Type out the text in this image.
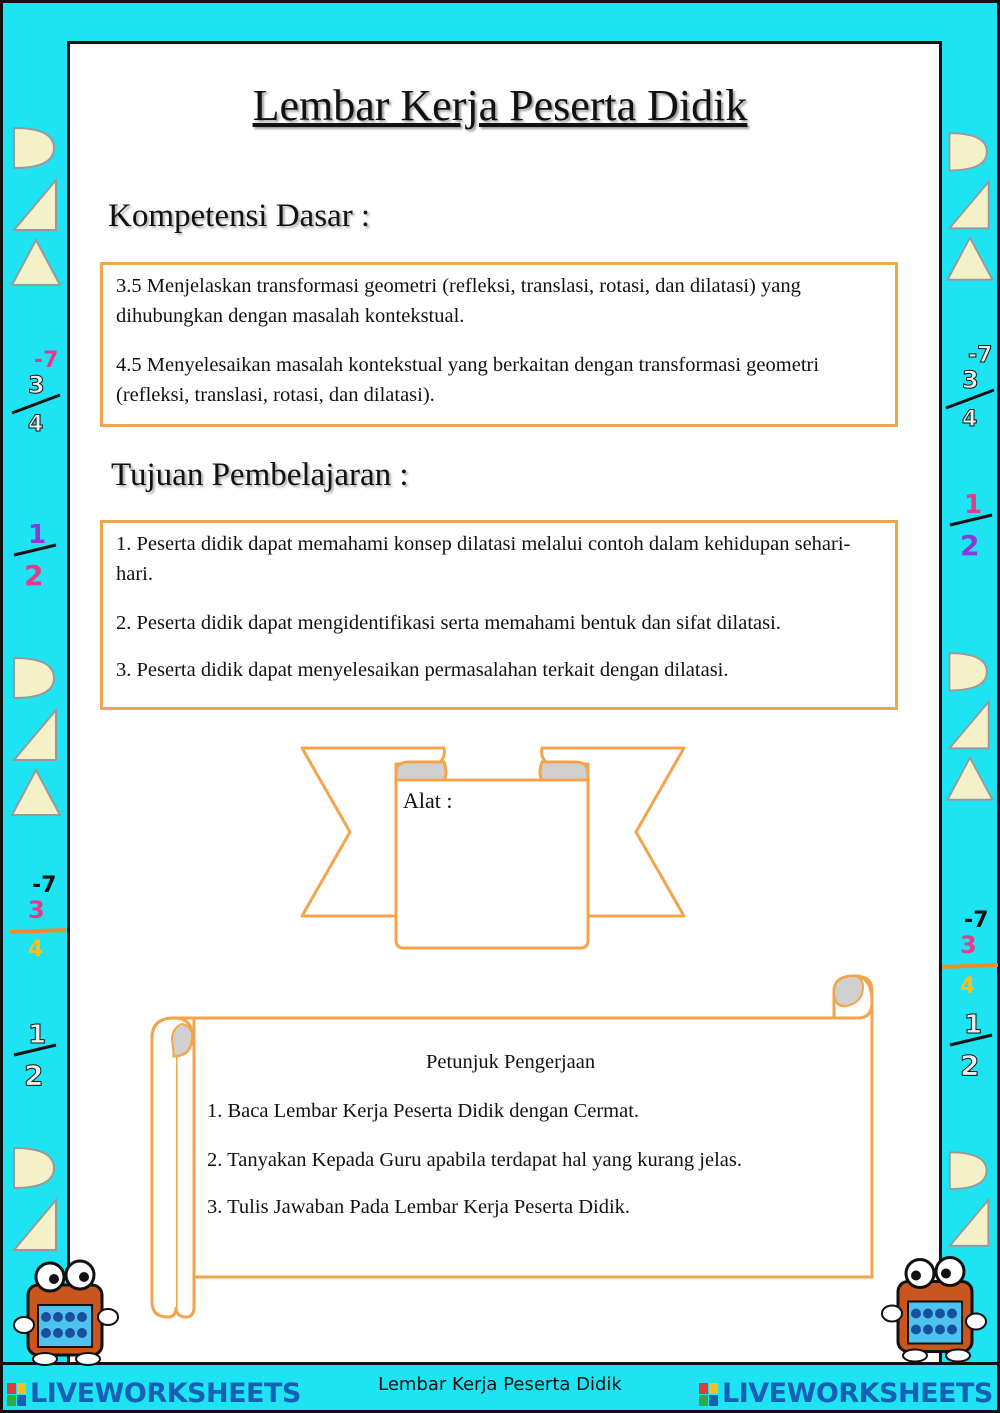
-7
3
4
1
2
-7
3
4
1
2
-7
3
4
1
2
-7
3
4
1
2
Lembar Kerja Peserta Didik
Kompetensi Dasar :

3.5 Menjelaskan transformasi geometri (refleksi, translasi, rotasi, dan dilatasi) yang dihubungkan dengan masalah kontekstual.

4.5 Menyelesaikan masalah kontekstual yang berkaitan dengan transformasi geometri (refleksi, translasi, rotasi, dan dilatasi).

Tujuan Pembelajaran :

1. Peserta didik dapat memahami konsep dilatasi melalui contoh dalam kehidupan sehari-hari.

2. Peserta didik dapat mengidentifikasi serta memahami bentuk dan sifat dilatasi.

3. Peserta didik dapat menyelesaikan permasalahan terkait dengan dilatasi.

Alat :
Petunjuk Pengerjaan
1. Baca Lembar Kerja Peserta Didik dengan Cermat.
2. Tanyakan Kepada Guru apabila terdapat hal yang kurang jelas.
3. Tulis Jawaban Pada Lembar Kerja Peserta Didik.
Lembar Kerja Peserta Didik
LIVEWORKSHEETS	LIVEWORKSHEETS
